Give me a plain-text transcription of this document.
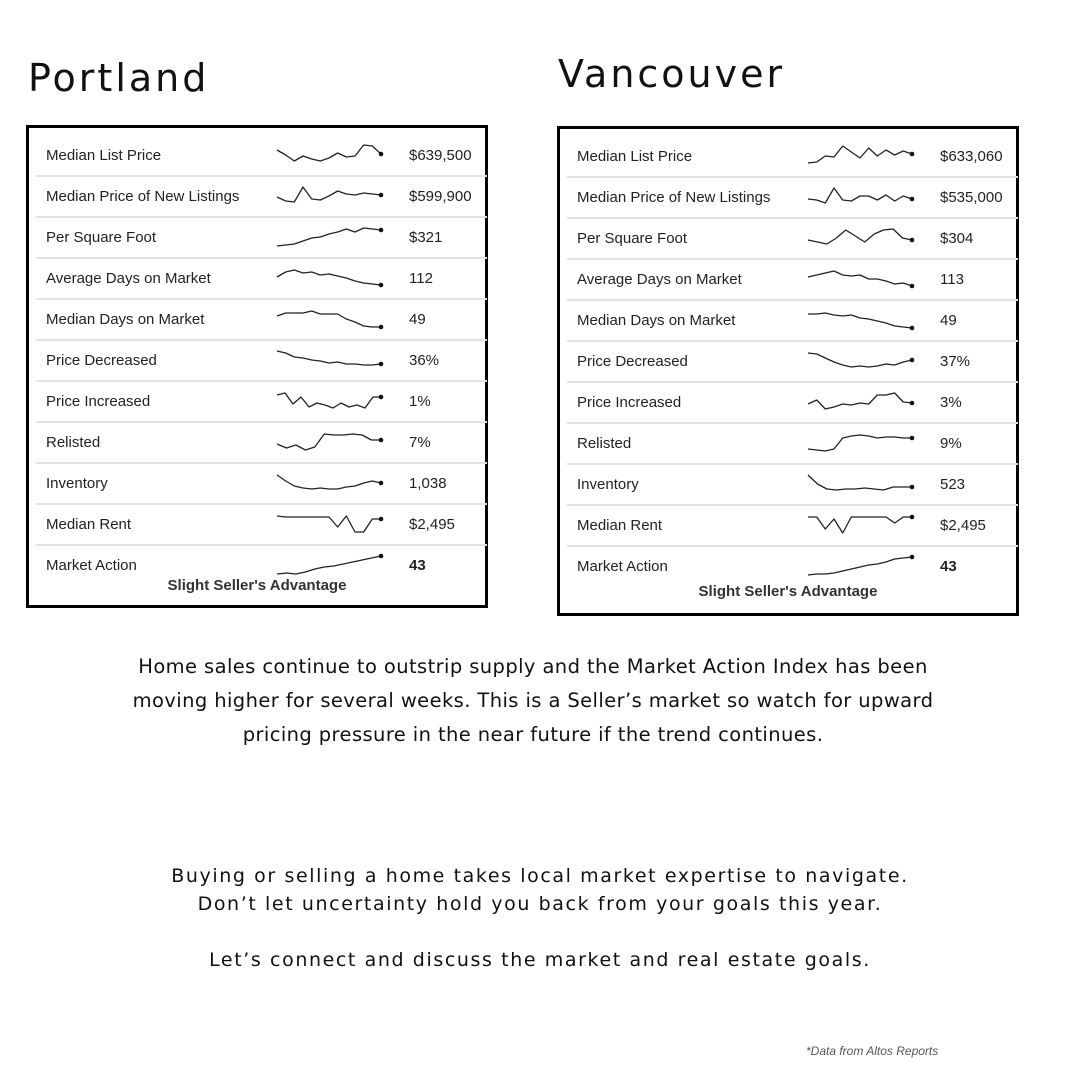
Portland	Vancouver
Median List Price	$639,500
Median Price of New Listings	$599,900
Per Square Foot	$321
Average Days on Market	112
Median Days on Market	49
Price Decreased	36%
Price Increased	1%
Relisted	7%
Inventory	1,038
Median Rent	$2,495
Market Action	43
Slight Seller's Advantage
Median List Price	$633,060
Median Price of New Listings	$535,000
Per Square Foot	$304
Average Days on Market	113
Median Days on Market	49
Price Decreased	37%
Price Increased	3%
Relisted	9%
Inventory	523
Median Rent	$2,495
Market Action	43
Slight Seller's Advantage

Home sales continue to outstrip supply and the Market Action Index has been
moving higher for several weeks. This is a Seller’s market so watch for upward
pricing pressure in the near future if the trend continues.

Buying or selling a home takes local market expertise to navigate.
Don’t let uncertainty hold you back from your goals this year.

Let’s connect and discuss the market and real estate goals.

*Data from Altos Reports
